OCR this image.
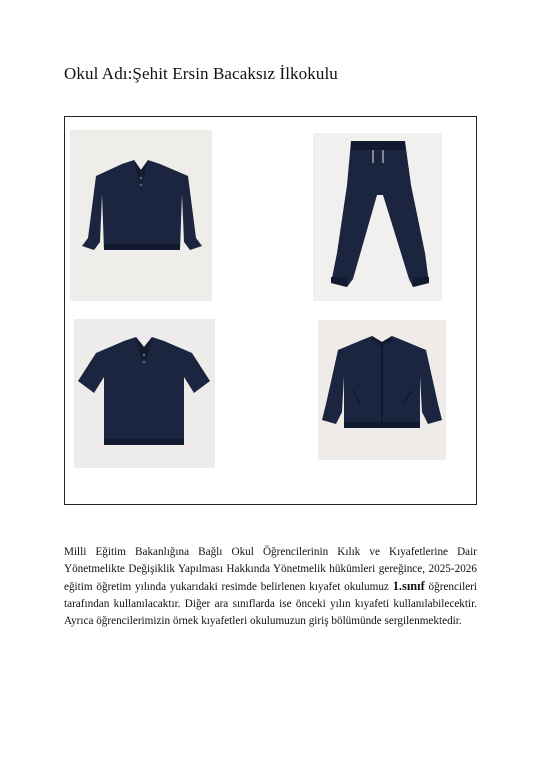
Okul Adı:Şehit Ersin Bacaksız İlkokulu

Milli Eğitim Bakanlığına Bağlı Okul Öğrencilerinin Kılık ve Kıyafetlerine Dair Yönetmelikte Değişiklik Yapılması Hakkında Yönetmelik hükümleri gereğince, 2025-2026 eğitim öğretim yılında yukarıdaki resimde belirlenen kıyafet okulumuz 1.sınıf öğrencileri tarafından kullanılacaktır. Diğer ara sınıflarda ise önceki yılın kıyafeti kullanılabilecektir. Ayrıca öğrencilerimizin örnek kıyafetleri okulumuzun giriş bölümünde sergilenmektedir.
